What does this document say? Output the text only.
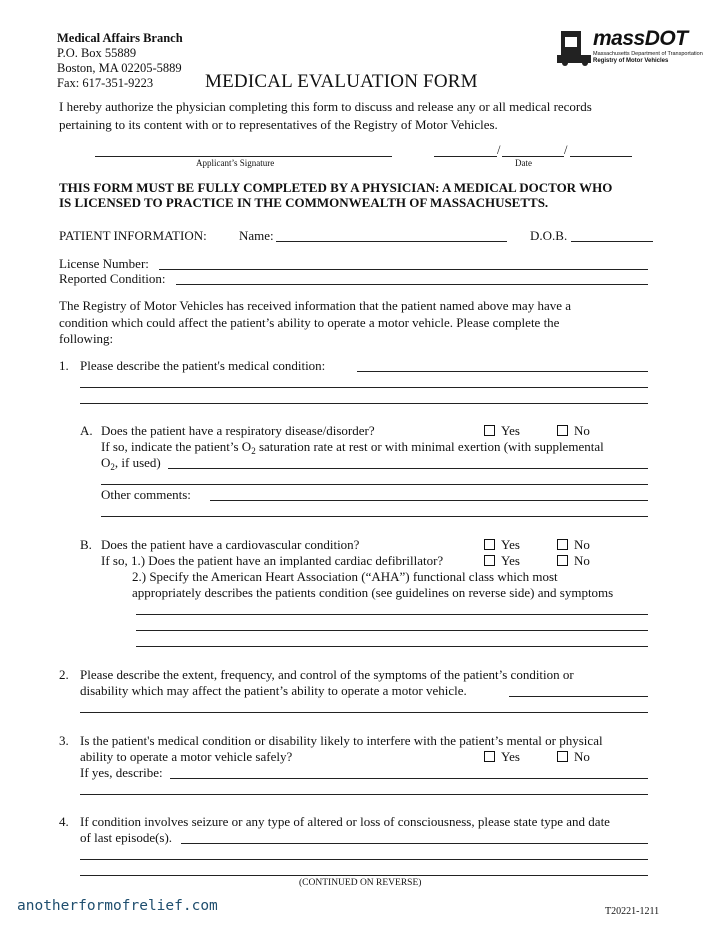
Medical Affairs Branch
P.O. Box 55889
Boston, MA 02205-5889
Fax: 617-351-9223
massDOT
Massachusetts Department of Transportation
Registry of Motor Vehicles
MEDICAL EVALUATION FORM
I hereby authorize the physician completing this form to discuss and release any or all medical records
pertaining to its content with or to representatives of the Registry of Motor Vehicles.
Applicant’s Signature
/	/
Date
THIS FORM MUST BE FULLY COMPLETED BY A PHYSICIAN: A MEDICAL DOCTOR WHO
IS LICENSED TO PRACTICE IN THE COMMONWEALTH OF MASSACHUSETTS.
PATIENT INFORMATION: Name:	D.O.B.
License Number:
Reported Condition:
The Registry of Motor Vehicles has received information that the patient named above may have a
condition which could affect the patient’s ability to operate a motor vehicle. Please complete the
following:
1. Please describe the patient's medical condition:
A. Does the patient have a respiratory disease/disorder?	Yes	No
If so, indicate the patient’s $O_2$ saturation rate at rest or with minimal exertion (with supplemental
$O_2$, if used)
Other comments:
B. Does the patient have a cardiovascular condition?	Yes	No
If so, 1.) Does the patient have an implanted cardiac defibrillator?	Yes	No
2.) Specify the American Heart Association (“AHA”) functional class which most
appropriately describes the patients condition (see guidelines on reverse side) and symptoms
2. Please describe the extent, frequency, and control of the symptoms of the patient’s condition or
disability which may affect the patient’s ability to operate a motor vehicle.
3. Is the patient's medical condition or disability likely to interfere with the patient’s mental or physical
ability to operate a motor vehicle safely?	Yes	No
If yes, describe:
4. If condition involves seizure or any type of altered or loss of consciousness, please state type and date
of last episode(s).
(CONTINUED ON REVERSE)
anotherformofrelief.com	T20221-1211
